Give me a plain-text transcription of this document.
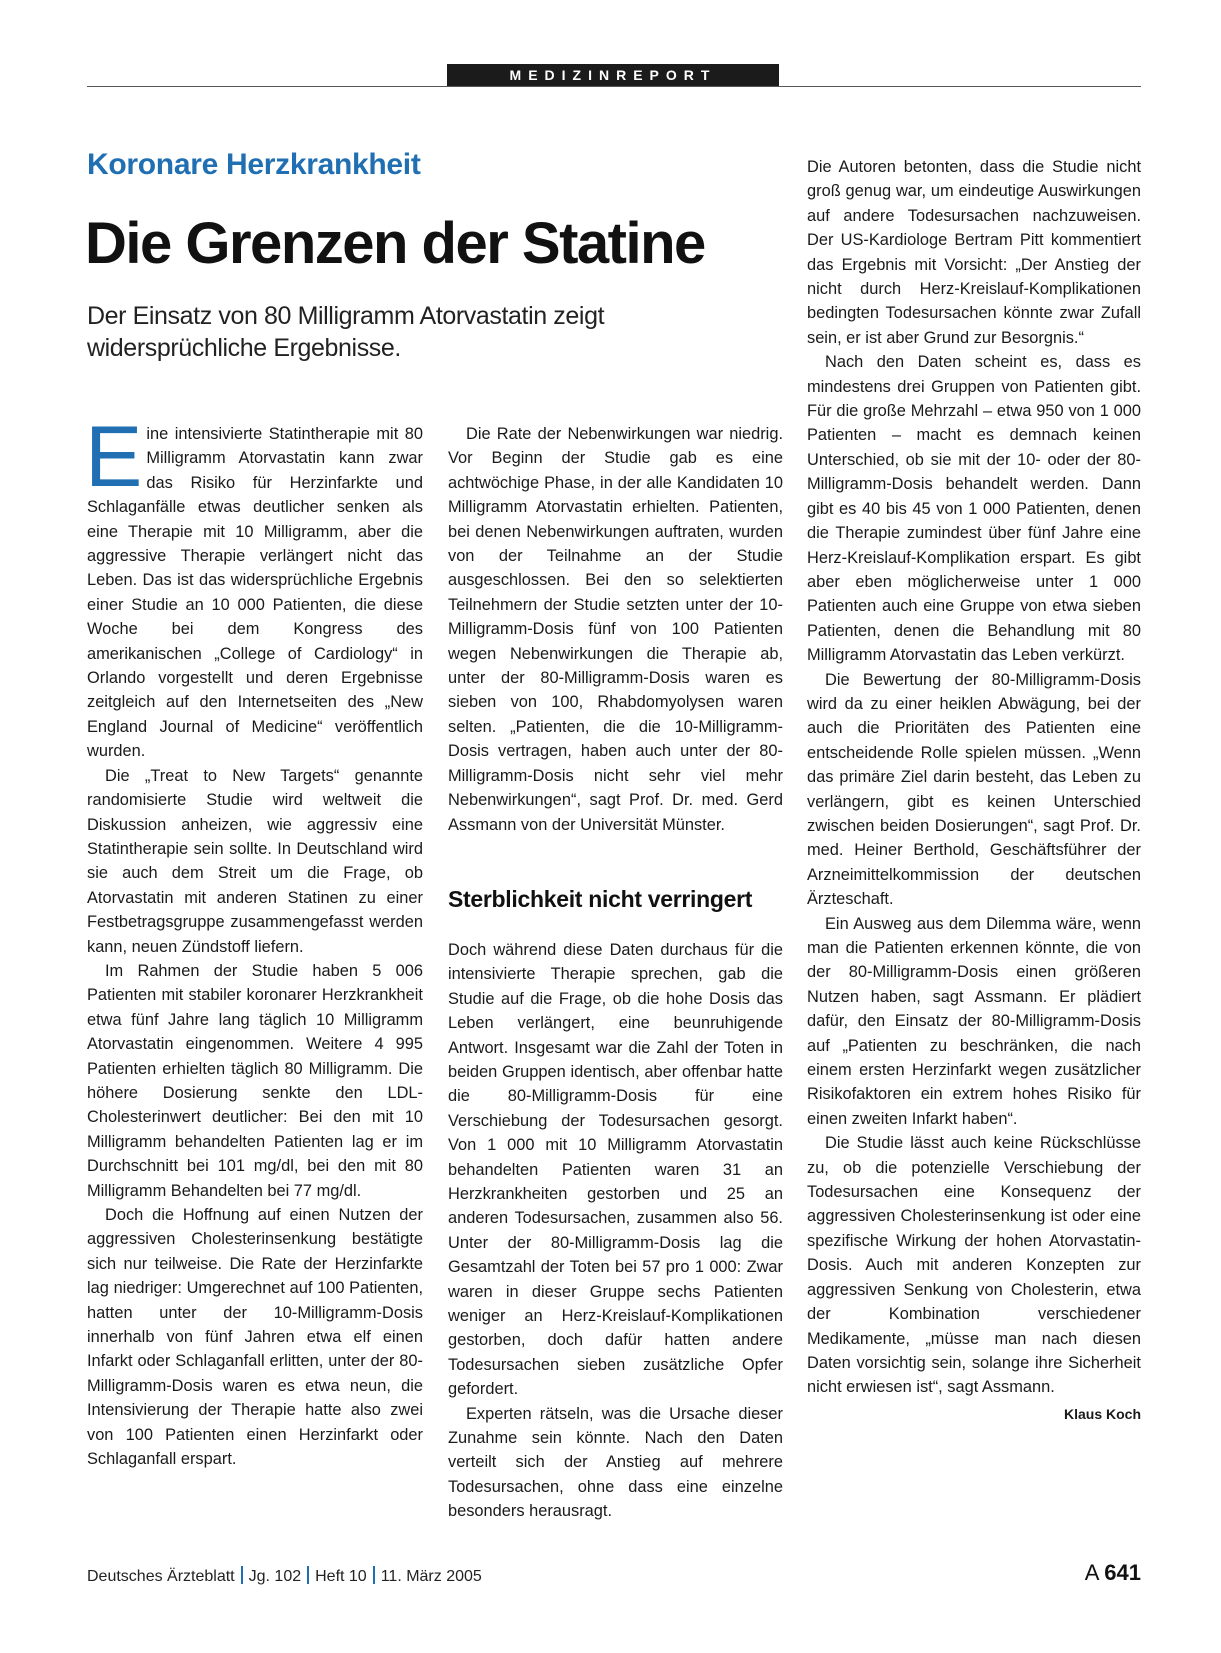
MEDIZINREPORT
Koronare Herzkrankheit
Die Grenzen der Statine
Der Einsatz von 80 Milligramm Atorvastatin zeigt widersprüchliche Ergebnisse.

Eine intensivierte Statintherapie mit 80 Milligramm Atorvastatin kann zwar das Risiko für Herzinfarkte und Schlaganfälle etwas deutlicher senken als eine Therapie mit 10 Milligramm, aber die aggressive Therapie verlängert nicht das Leben. Das ist das widersprüchliche Ergebnis einer Studie an 10 000 Patienten, die diese Woche bei dem Kongress des amerikanischen „College of Cardiology“ in Orlando vorgestellt und deren Ergebnisse zeitgleich auf den Internetseiten des „New England Journal of Medicine“ veröffentlich wurden.

Die „Treat to New Targets“ genannte randomisierte Studie wird weltweit die Diskussion anheizen, wie aggressiv eine Statintherapie sein sollte. In Deutschland wird sie auch dem Streit um die Frage, ob Atorvastatin mit anderen Statinen zu einer Festbetragsgruppe zusammengefasst werden kann, neuen Zündstoff liefern.

Im Rahmen der Studie haben 5 006 Patienten mit stabiler koronarer Herzkrankheit etwa fünf Jahre lang täglich 10 Milligramm Atorvastatin eingenommen. Weitere 4 995 Patienten erhielten täglich 80 Milligramm. Die höhere Dosierung senkte den LDL-Cholesterinwert deutlicher: Bei den mit 10 Milligramm behandelten Patienten lag er im Durchschnitt bei 101 mg/dl, bei den mit 80 Milligramm Behandelten bei 77 mg/dl.

Doch die Hoffnung auf einen Nutzen der aggressiven Cholesterinsenkung bestätigte sich nur teilweise. Die Rate der Herzinfarkte lag niedriger: Umgerechnet auf 100 Patienten, hatten unter der 10-Milligramm-Dosis innerhalb von fünf Jahren etwa elf einen Infarkt oder Schlaganfall erlitten, unter der 80-Milligramm-Dosis waren es etwa neun, die Intensivierung der Therapie hatte also zwei von 100 Patienten einen Herzinfarkt oder Schlaganfall erspart.

Die Rate der Nebenwirkungen war niedrig. Vor Beginn der Studie gab es eine achtwöchige Phase, in der alle Kandidaten 10 Milligramm Atorvastatin erhielten. Patienten, bei denen Nebenwirkungen auftraten, wurden von der Teilnahme an der Studie ausgeschlossen. Bei den so selektierten Teilnehmern der Studie setzten unter der 10-Milligramm-Dosis fünf von 100 Patienten wegen Nebenwirkungen die Therapie ab, unter der 80-Milligramm-Dosis waren es sieben von 100, Rhabdomyolysen waren selten. „Patienten, die die 10-Milligramm-Dosis vertragen, haben auch unter der 80-Milligramm-Dosis nicht sehr viel mehr Nebenwirkungen“, sagt Prof. Dr. med. Gerd Assmann von der Universität Münster.

Sterblichkeit nicht verringert

Doch während diese Daten durchaus für die intensivierte Therapie sprechen, gab die Studie auf die Frage, ob die hohe Dosis das Leben verlängert, eine beunruhigende Antwort. Insgesamt war die Zahl der Toten in beiden Gruppen identisch, aber offenbar hatte die 80-Milligramm-Dosis für eine Verschiebung der Todesursachen gesorgt. Von 1 000 mit 10 Milligramm Atorvastatin behandelten Patienten waren 31 an Herzkrankheiten gestorben und 25 an anderen Todesursachen, zusammen also 56. Unter der 80-Milligramm-Dosis lag die Gesamtzahl der Toten bei 57 pro 1 000: Zwar waren in dieser Gruppe sechs Patienten weniger an Herz-Kreislauf-Komplikationen gestorben, doch dafür hatten andere Todesursachen sieben zusätzliche Opfer gefordert.

Experten rätseln, was die Ursache dieser Zunahme sein könnte. Nach den Daten verteilt sich der Anstieg auf mehrere Todesursachen, ohne dass eine einzelne besonders herausragt.

Die Autoren betonten, dass die Studie nicht groß genug war, um eindeutige Auswirkungen auf andere Todesursachen nachzuweisen. Der US-Kardiologe Bertram Pitt kommentiert das Ergebnis mit Vorsicht: „Der Anstieg der nicht durch Herz-Kreislauf-Komplikationen bedingten Todesursachen könnte zwar Zufall sein, er ist aber Grund zur Besorgnis.“

Nach den Daten scheint es, dass es mindestens drei Gruppen von Patienten gibt. Für die große Mehrzahl – etwa 950 von 1 000 Patienten – macht es demnach keinen Unterschied, ob sie mit der 10- oder der 80-Milligramm-Dosis behandelt werden. Dann gibt es 40 bis 45 von 1 000 Patienten, denen die Therapie zumindest über fünf Jahre eine Herz-Kreislauf-Komplikation erspart. Es gibt aber eben möglicherweise unter 1 000 Patienten auch eine Gruppe von etwa sieben Patienten, denen die Behandlung mit 80 Milligramm Atorvastatin das Leben verkürzt.

Die Bewertung der 80-Milligramm-Dosis wird da zu einer heiklen Abwägung, bei der auch die Prioritäten des Patienten eine entscheidende Rolle spielen müssen. „Wenn das primäre Ziel darin besteht, das Leben zu verlängern, gibt es keinen Unterschied zwischen beiden Dosierungen“, sagt Prof. Dr. med. Heiner Berthold, Geschäftsführer der Arzneimittelkommission der deutschen Ärzteschaft.

Ein Ausweg aus dem Dilemma wäre, wenn man die Patienten erkennen könnte, die von der 80-Milligramm-Dosis einen größeren Nutzen haben, sagt Assmann. Er plädiert dafür, den Einsatz der 80-Milligramm-Dosis auf „Patienten zu beschränken, die nach einem ersten Herzinfarkt wegen zusätzlicher Risikofaktoren ein extrem hohes Risiko für einen zweiten Infarkt haben“.

Die Studie lässt auch keine Rückschlüsse zu, ob die potenzielle Verschiebung der Todesursachen eine Konsequenz der aggressiven Cholesterinsenkung ist oder eine spezifische Wirkung der hohen Atorvastatin-Dosis. Auch mit anderen Konzepten zur aggressiven Senkung von Cholesterin, etwa der Kombination verschiedener Medikamente, „müsse man nach diesen Daten vorsichtig sein, solange ihre Sicherheit nicht erwiesen ist“, sagt Assmann.
Klaus Koch

Deutsches Ärzteblatt Jg. 102 Heft 10 11. März 2005	A 641
